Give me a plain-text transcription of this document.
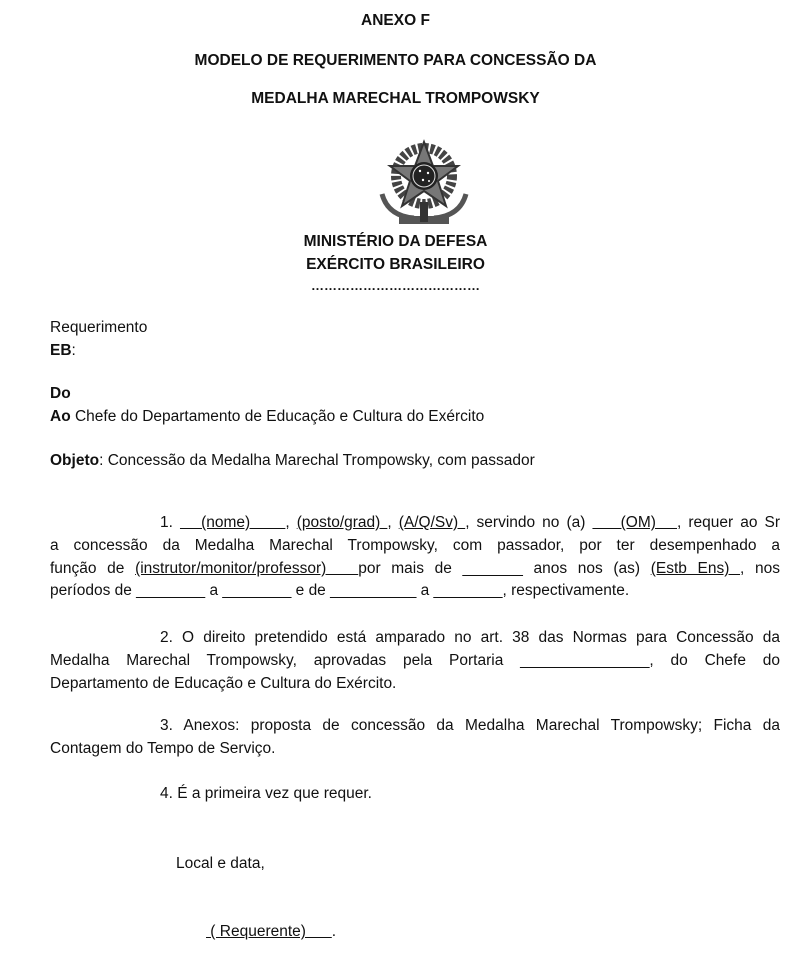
ANEXO F
MODELO DE REQUERIMENTO PARA CONCESSÃO DA
MEDALHA MARECHAL TROMPOWSKY
MINISTÉRIO DA DEFESA
EXÉRCITO BRASILEIRO
…………………………………
Requerimento
EB:
Do
Ao Chefe do Departamento de Educação e Cultura do Exército
Objeto: Concessão da Medalha Marechal Trompowsky, com passador
1.    (nome)     , (posto/grad) , (A/Q/Sv) , servindo no (a)     (OM)   , requer ao Sr
a concessão da Medalha Marechal Trompowsky, com passador, por ter desempenhado a
função de (instrutor/monitor/professor)   por mais de _______ anos nos (as) (Estb Ens) , nos
períodos de ________ a ________ e de __________ a ________, respectivamente.
2. O direito pretendido está amparado no art. 38 das Normas para Concessão da
Medalha Marechal Trompowsky, aprovadas pela Portaria _______________, do Chefe do
Departamento de Educação e Cultura do Exército.
3. Anexos: proposta de concessão da Medalha Marechal Trompowsky; Ficha da
Contagem do Tempo de Serviço.
4. É a primeira vez que requer.
Local e data,
( Requerente)      .
